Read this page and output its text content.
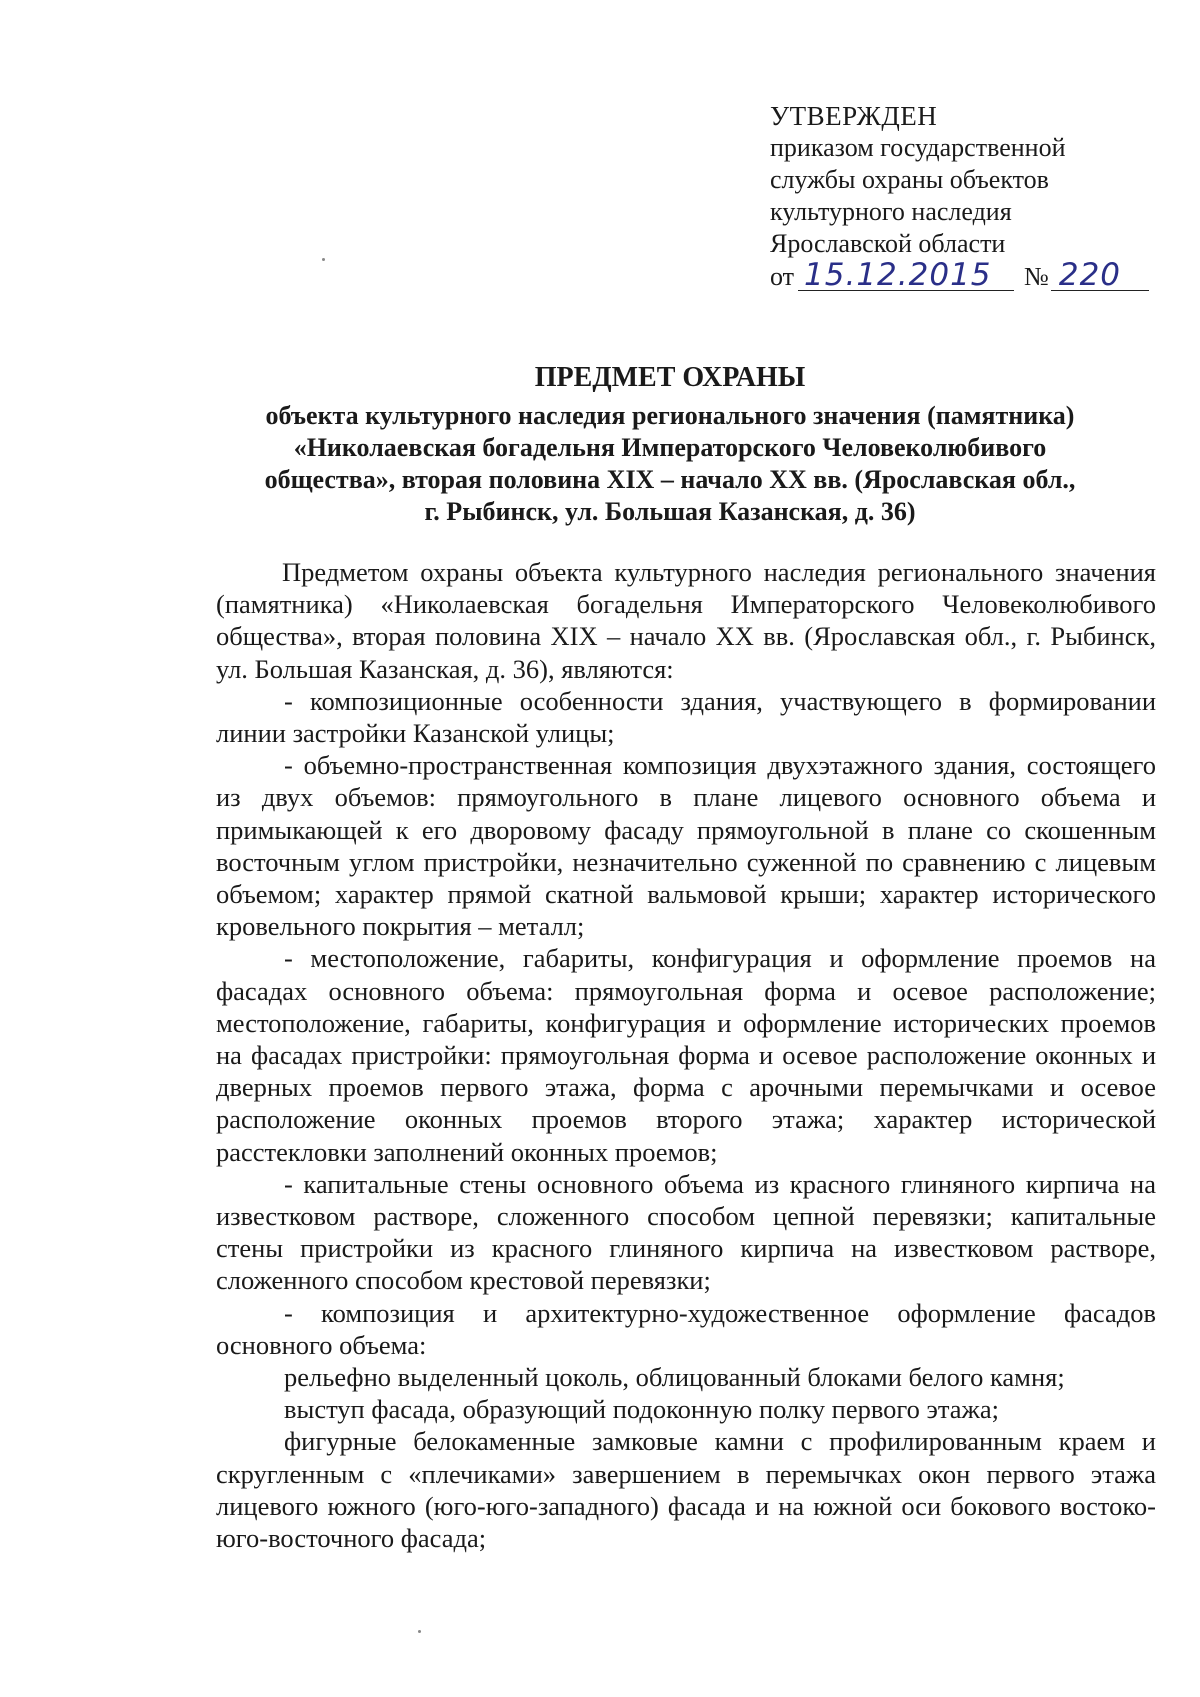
УТВЕРЖДЕН
приказом государственной
службы охраны объектов
культурного наследия
Ярославской области
от 15.12.2015 № 220
ПРЕДМЕТ ОХРАНЫ
объекта культурного наследия регионального значения (памятника)
«Николаевская богадельня Императорского Человеколюбивого
общества», вторая половина XIX – начало XX вв. (Ярославская обл.,
г. Рыбинск, ул. Большая Казанская, д. 36)

Предметом охраны объекта культурного наследия регионального значения (памятника) «Николаевская богадельня Императорского Человеколюбивого общества», вторая половина XIX – начало XX вв. (Ярославская обл., г. Рыбинск, ул. Большая Казанская, д. 36), являются:

- композиционные особенности здания, участвующего в формировании линии застройки Казанской улицы;

- объемно-пространственная композиция двухэтажного здания, состоящего из двух объемов: прямоугольного в плане лицевого основного объема и примыкающей к его дворовому фасаду прямоугольной в плане со скошенным восточным углом пристройки, незначительно суженной по сравнению с лицевым объемом; характер прямой скатной вальмовой крыши; характер исторического кровельного покрытия – металл;

- местоположение, габариты, конфигурация и оформление проемов на фасадах основного объема: прямоугольная форма и осевое расположение; местоположение, габариты, конфигурация и оформление исторических проемов на фасадах пристройки: прямоугольная форма и осевое расположение оконных и дверных проемов первого этажа, форма с арочными перемычками и осевое расположение оконных проемов второго этажа; характер исторической расстекловки заполнений оконных проемов;

- капитальные стены основного объема из красного глиняного кирпича на известковом растворе, сложенного способом цепной перевязки; капитальные стены пристройки из красного глиняного кирпича на известковом растворе, сложенного способом крестовой перевязки;

- композиция и архитектурно-художественное оформление фасадов основного объема:

рельефно выделенный цоколь, облицованный блоками белого камня;

выступ фасада, образующий подоконную полку первого этажа;

фигурные белокаменные замковые камни с профилированным краем и скругленным с «плечиками» завершением в перемычках окон первого этажа лицевого южного (юго-юго-западного) фасада и на южной оси бокового востоко-юго-восточного фасада;
